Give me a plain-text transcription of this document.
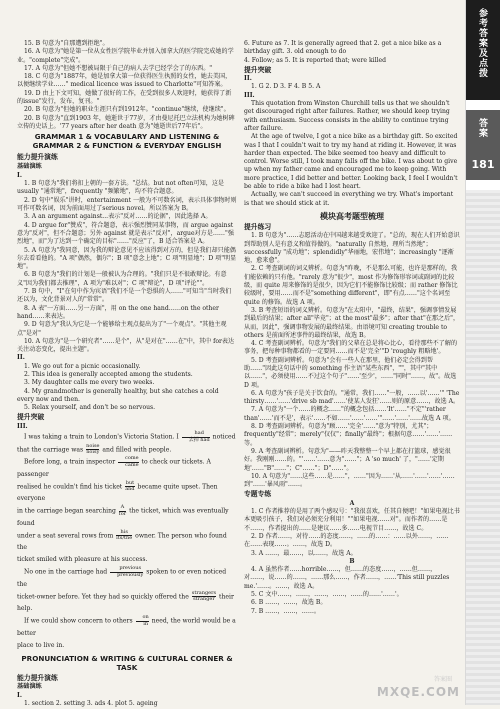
参考答案及点拨
答案
181

15. B 句意为"自那遭到拒绝"。

16. A 句意为"她是第一位从女性医学院毕业并加入加拿大的医学院完成她的学业。"complete"完成"。

17. A 句意为"但她不想被局限于自己的病人去学已经学会了的东西。"

18. C 句意为"1887年，她是加拿大第一位获得医生执照的女性，她去美国，以便继续学业……" medical licence was issued to Charlotte"可知答案。

19. D 由上下文可知，她做了很好的工作，在受到很多人欢迎时，她获得了新的issue"发行，发布，复刊。"

20. B 句意为"但她的职业生涯只有到1912年。"continue"继续，使继续"。

20. B 句意为"直到1903 年，她逝世于77岁，才由曼尼托巴立法机构为她树碑立传的史话上。'77 years after her death 意为"她逝世后77年后"。

GRAMMAR 1 & VOCABULARY AND LISTENING & GRAMMAR 2 & FUNCTION & EVERYDAY ENGLISH
能力提升演练
基础演练
I.

1. B 句意为"我们将扣上朝的一套方法。"总结。but not often可知，这是 usually "通常地"，frequently "频繁地"，均不符合题意。

2. D 句中"娱乐"讲时，entertainment 一般为不可数名词，表示具体事物时则可作可数名词，因为前面用过了serious novel。所以答案为 B。

3. A an argument against...表示"反对……的论据"，因此选择 A。

4. D argue for"赞成"，符合题意，表示强烈赞同某事物，而 argue against 意为"反对"，但不合题意；另外 against 就是表示"反对"，argue对方是……"强烈地"，而"为了达到一个确定的目标"……"反应"了，B 适合答案是 A。

5. A 句意为"我同意，因为我的辩论意见不应该得到对方的，但是我们却只能偶尔去看看他的。"A 项"偶然，偶尔"；B 项"意念上地"；C 项"明显地"；D 项"明显地"。

6. B 句意为"我们的计划是一般被认为合理的。"我们只是不很敢辩论。有意义"因为我们都去推理"，A 项为"难以对"；C 项"辩论"，D 项"评论""。

7. B 句中，"I"在句中作为宾语"我们不是一个恐惧的人……"可知当"当时我们还以为，文化背景对人的"常常"。

8. A 表"一方面……另一方面"，用 on the one hand……on the other hand……来表达。

9. D 句意为"我认为它是一个能够给主观点提出为了"一个观点"。"其他主观点"是对"

10. A 句意为"是一个研究者"……是个"，从"是对在"……在"中，其中 for表达关注动态变化，提出主题"。

II.

1. We go out for a picnic occasionally.

2. This idea is generally accepted among the students.

3. My daughter calls me every two weeks.

4. My grandmother is generally healthy, but she catches a cold every now and then.

5. Relax yourself, and don't be so nervous.

提升突破
III.

I was taking a train to London's Victoria Station. I $\frac{\text{had}}{\text{去掉 had}}$ noticed

that the carriage was $\frac{\text{noise}}{\text{noisy}}$ and filled with people.

Before long, a train inspector $\frac{\text{come}}{\text{came}}$ to check our tickets. A passenger

realised he couldn't find his ticket $\frac{\text{but}}{\text{and}}$ became quite upset. Then everyone

in the carriage began searching $\frac{A}{\text{for}}$ the ticket, which was eventually found

under a seat several rows from $\frac{\text{his}}{\text{its/the}}$ owner. The person who found the

ticket smiled with pleasure at his success.

No one in the carriage had $\frac{\text{previous}}{\text{previously}}$ spoken to or even noticed the

ticket-owner before. Yet they had so quickly offered the $\frac{\text{strangers}}{\text{stranger}}$ their help.

If we could show concern to others $\frac{on}{in}$ need, the world would be a better

place to live in.

PRONUNCIATION & WRITING & CULTURAL CORNER & TASK
能力提升演练
基础演练
I.

1. section 2. setting 3. ads 4. plot 5. ageing

6. Future as 7. It is generally agreed that 2. get a nice bike as a birthday gift. 3. old enough to do

4. Follow; as 5. It is reported that; were killed

提升突破
II.

1. G 2. D 3. F 4. B 5. A

III.

This quotation from Winston Churchill tells us that we shouldn't get discouraged right after failures. Rather, we should keep trying with enthusiasm. Success consists in the ability to continue trying after failure.

At the age of twelve, I got a nice bike as a birthday gift. So excited was I that I couldn't wait to try my hand at riding it. However, it was harder than expected. The bike seemed too heavy and difficult to control. Worse still, I took many falls off the bike. I was about to give up when my father came and encouraged me to keep going. With more practice, I did better and better. Looking back, I feel I wouldn't be able to ride a bike had I lost heart.

Actually, we can't succeed in everything we try. What's important is that we should stick at it.

模块高考题型梳理
提升练习

1. B 句意为"……志愿活动在中国越来越受欢迎了。"总的，现在人们开始意识到帮助别人是有意义和值得做的。"naturally 自然地，理所当然地"；successfully "成功地"；splendidly"华丽地，宏伟地"；increasingly "逐渐地，愈来愈"。

2. C 考查副词的词义辨析。句意为"昨晚，不是那么可能，也许是那样的，我们能依赖的只有他。"rarely 意为"很少"，most 作为修饰形容词或副词的比较级，而 quite 用来修饰的是很少，因为它们不能修饰比较级；而 rather 修饰比较级时，要用……而不是"something different"，即"有点……"这个名词至 quite 的修饰。故选 A 项。

3. B 考查短语的词义辨析。句意为"在太阳中，"最终，结果"，强调事情发展到最后的结果；after all"毕竟"；at the most"最多"；after that"在那之后"，从而，因此"，强调事物发展的最终结果。由语境可知 creating trouble to others 是前面所述事件的最终结果，故选 B。

4. C 考查副词辨析。句意为"我们的父辈在总是将心比心，看待那些不了解的事务，把每种事物都看的一定要同……而不是'完全'"D 'roughly 粗略地'。

5. D 考查副词辨析。句意为"会有一些人在那里，他们必定会得到帮助……"因此这句话中的 something 作主语"某些东西"，""，其中"其中以……"，必须使用……不过这个句子"……'至少'，……"同时"……，故"。故选 D 项。

6. A 句意为"孩子是关于饮食的。"通常，我们……"一般，……以'……'" 'The thirsty……'……'drive sb mad'……'使某人发狂'……则的原意……，故选 A。

7. A 句意为"一个……的概念……"的概念包括……'It'……"不定"'rather than'……'而不是'，表示'……不如……'……'……'"……'……'……故选 A 项。

8. D 考查副词辨析。句意为"顾……'完全'……"意为"特别，尤其"；frequently"经常"；merely"仅仅"；finally"最终"；根据句意……'……'……等。

9. A 考查副词辨析。句意为"——昨天我整整一个早上都在打篮球，感觉很好。我刚刚……的。"'……'……意为"……"；A 'so much' 了，"……'定期地'……"B"……"；C"……"；D"……"。

10. A 句意为"……这些……是……"，……"因为……'从……'……'……'……到"……'暴风雨"……。

专题专练
A

1. C 作者推荐的是用了两个感叹号："我很喜欢，任其自便吧！"如果电视比书本更吸引孩子，我们对必须充分利用！""如果电视……对"。而作者的……是不……，作者提出的……是建议……多……电视节目……，故选 C。

2. D 作者……，对待……的态度……，……的……：……以外……，……在……表现……。……，故选 D。

3. A ……，最……，以……，故选 A。

B

4. A 虽然作者……horrible……，但……的态度……，……但……，对……，说……的……，……那么……，作者……，……'This still puzzles me.'……。……，故选 A。

5. C 文中……，……，……，……，……的……'……'。

6. B ……，……，故选 B。

7. B ……，……，……。

答案圈
MXQE.COM
